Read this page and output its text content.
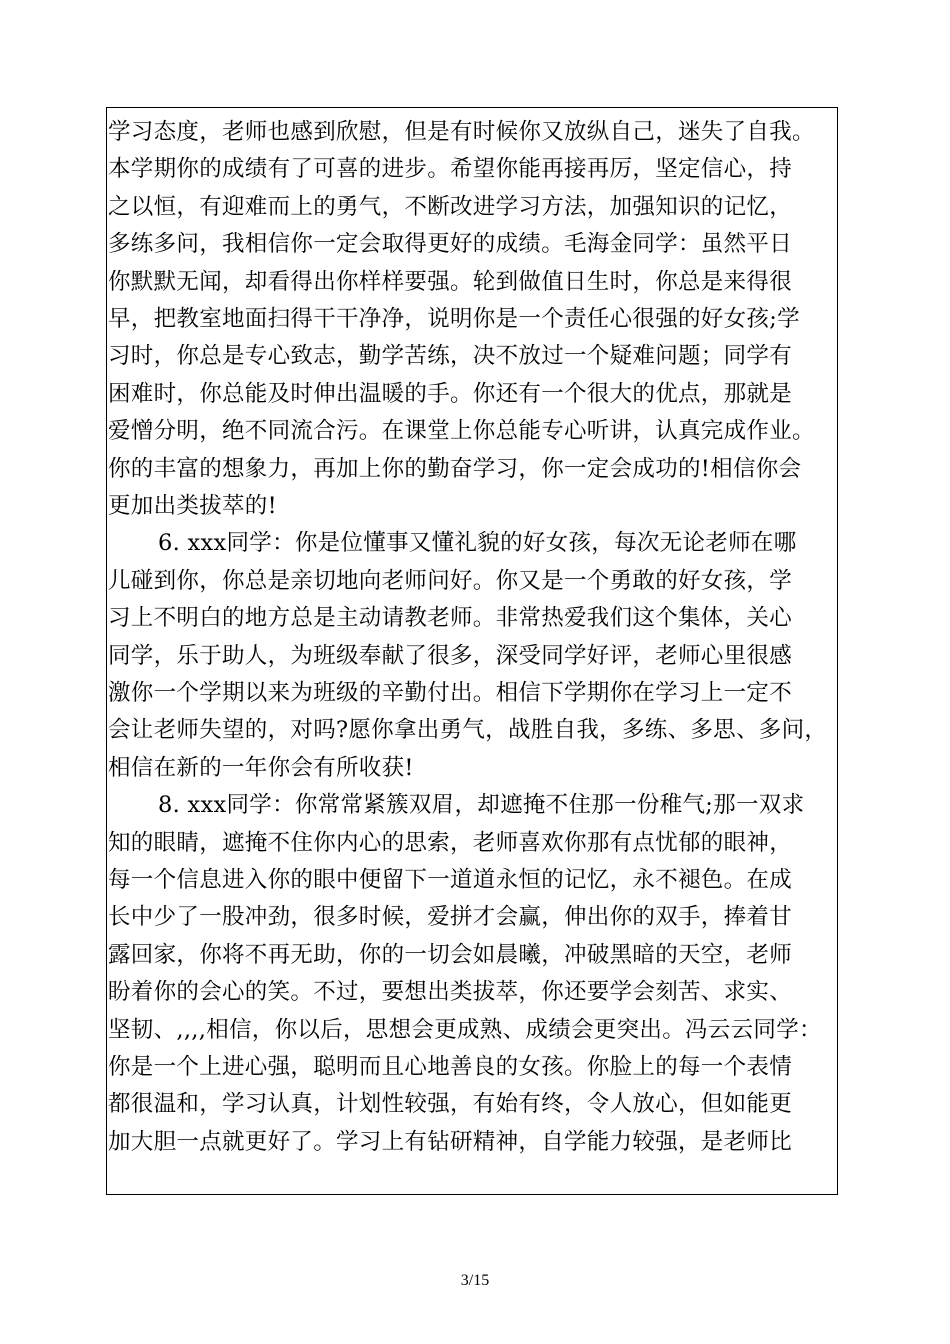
学习态度，老师也感到欣慰，但是有时候你又放纵自己，迷失了自我。
本学期你的成绩有了可喜的进步。希望你能再接再厉，坚定信心，持
之以恒，有迎难而上的勇气，不断改进学习方法，加强知识的记忆，
多练多问，我相信你一定会取得更好的成绩。毛海金同学：虽然平日
你默默无闻，却看得出你样样要强。轮到做值日生时，你总是来得很
早，把教室地面扫得干干净净，说明你是一个责任心很强的好女孩;学
习时，你总是专心致志，勤学苦练，决不放过一个疑难问题；同学有
困难时，你总能及时伸出温暖的手。你还有一个很大的优点，那就是
爱憎分明，绝不同流合污。在课堂上你总能专心听讲，认真完成作业。
你的丰富的想象力，再加上你的勤奋学习，你一定会成功的!相信你会
更加出类拔萃的!
6. xxx同学：你是位懂事又懂礼貌的好女孩，每次无论老师在哪
儿碰到你，你总是亲切地向老师问好。你又是一个勇敢的好女孩，学
习上不明白的地方总是主动请教老师。非常热爱我们这个集体，关心
同学，乐于助人，为班级奉献了很多，深受同学好评，老师心里很感
激你一个学期以来为班级的辛勤付出。相信下学期你在学习上一定不
会让老师失望的，对吗?愿你拿出勇气，战胜自我，多练、多思、多问，
相信在新的一年你会有所收获!
8. xxx同学：你常常紧簇双眉，却遮掩不住那一份稚气;那一双求
知的眼睛，遮掩不住你内心的思索，老师喜欢你那有点忧郁的眼神，
每一个信息进入你的眼中便留下一道道永恒的记忆，永不褪色。在成
长中少了一股冲劲，很多时候，爱拼才会赢，伸出你的双手，捧着甘
露回家，你将不再无助，你的一切会如晨曦，冲破黑暗的天空，老师
盼着你的会心的笑。不过，要想出类拔萃，你还要学会刻苦、求实、
坚韧、,,,,相信，你以后，思想会更成熟、成绩会更突出。冯云云同学：
你是一个上进心强，聪明而且心地善良的女孩。你脸上的每一个表情
都很温和，学习认真，计划性较强，有始有终，令人放心，但如能更
加大胆一点就更好了。学习上有钻研精神，自学能力较强，是老师比
3/15
